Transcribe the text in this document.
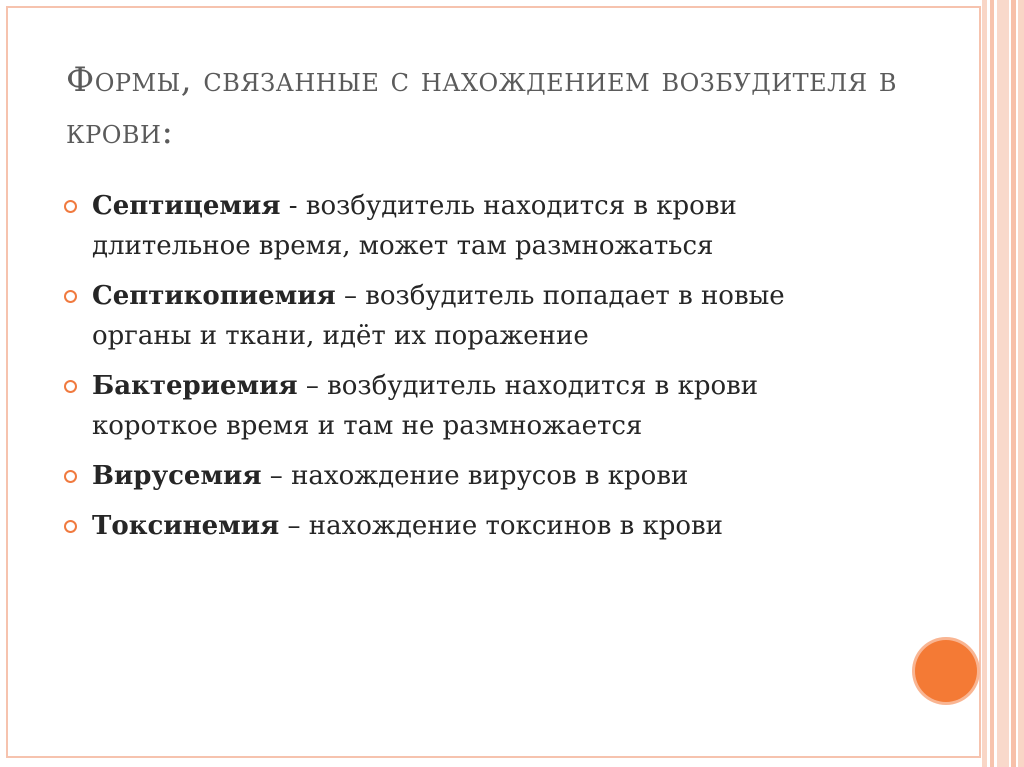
Формы, связанные с нахождением возбудителя в крови:
Септицемия - возбудитель находится в крови длительное время, может там размножаться
Септикопиемия – возбудитель попадает в новые органы и ткани, идёт их поражение
Бактериемия – возбудитель находится в крови короткое время и там не размножается
Вирусемия – нахождение вирусов в крови
Токсинемия – нахождение токсинов в крови
